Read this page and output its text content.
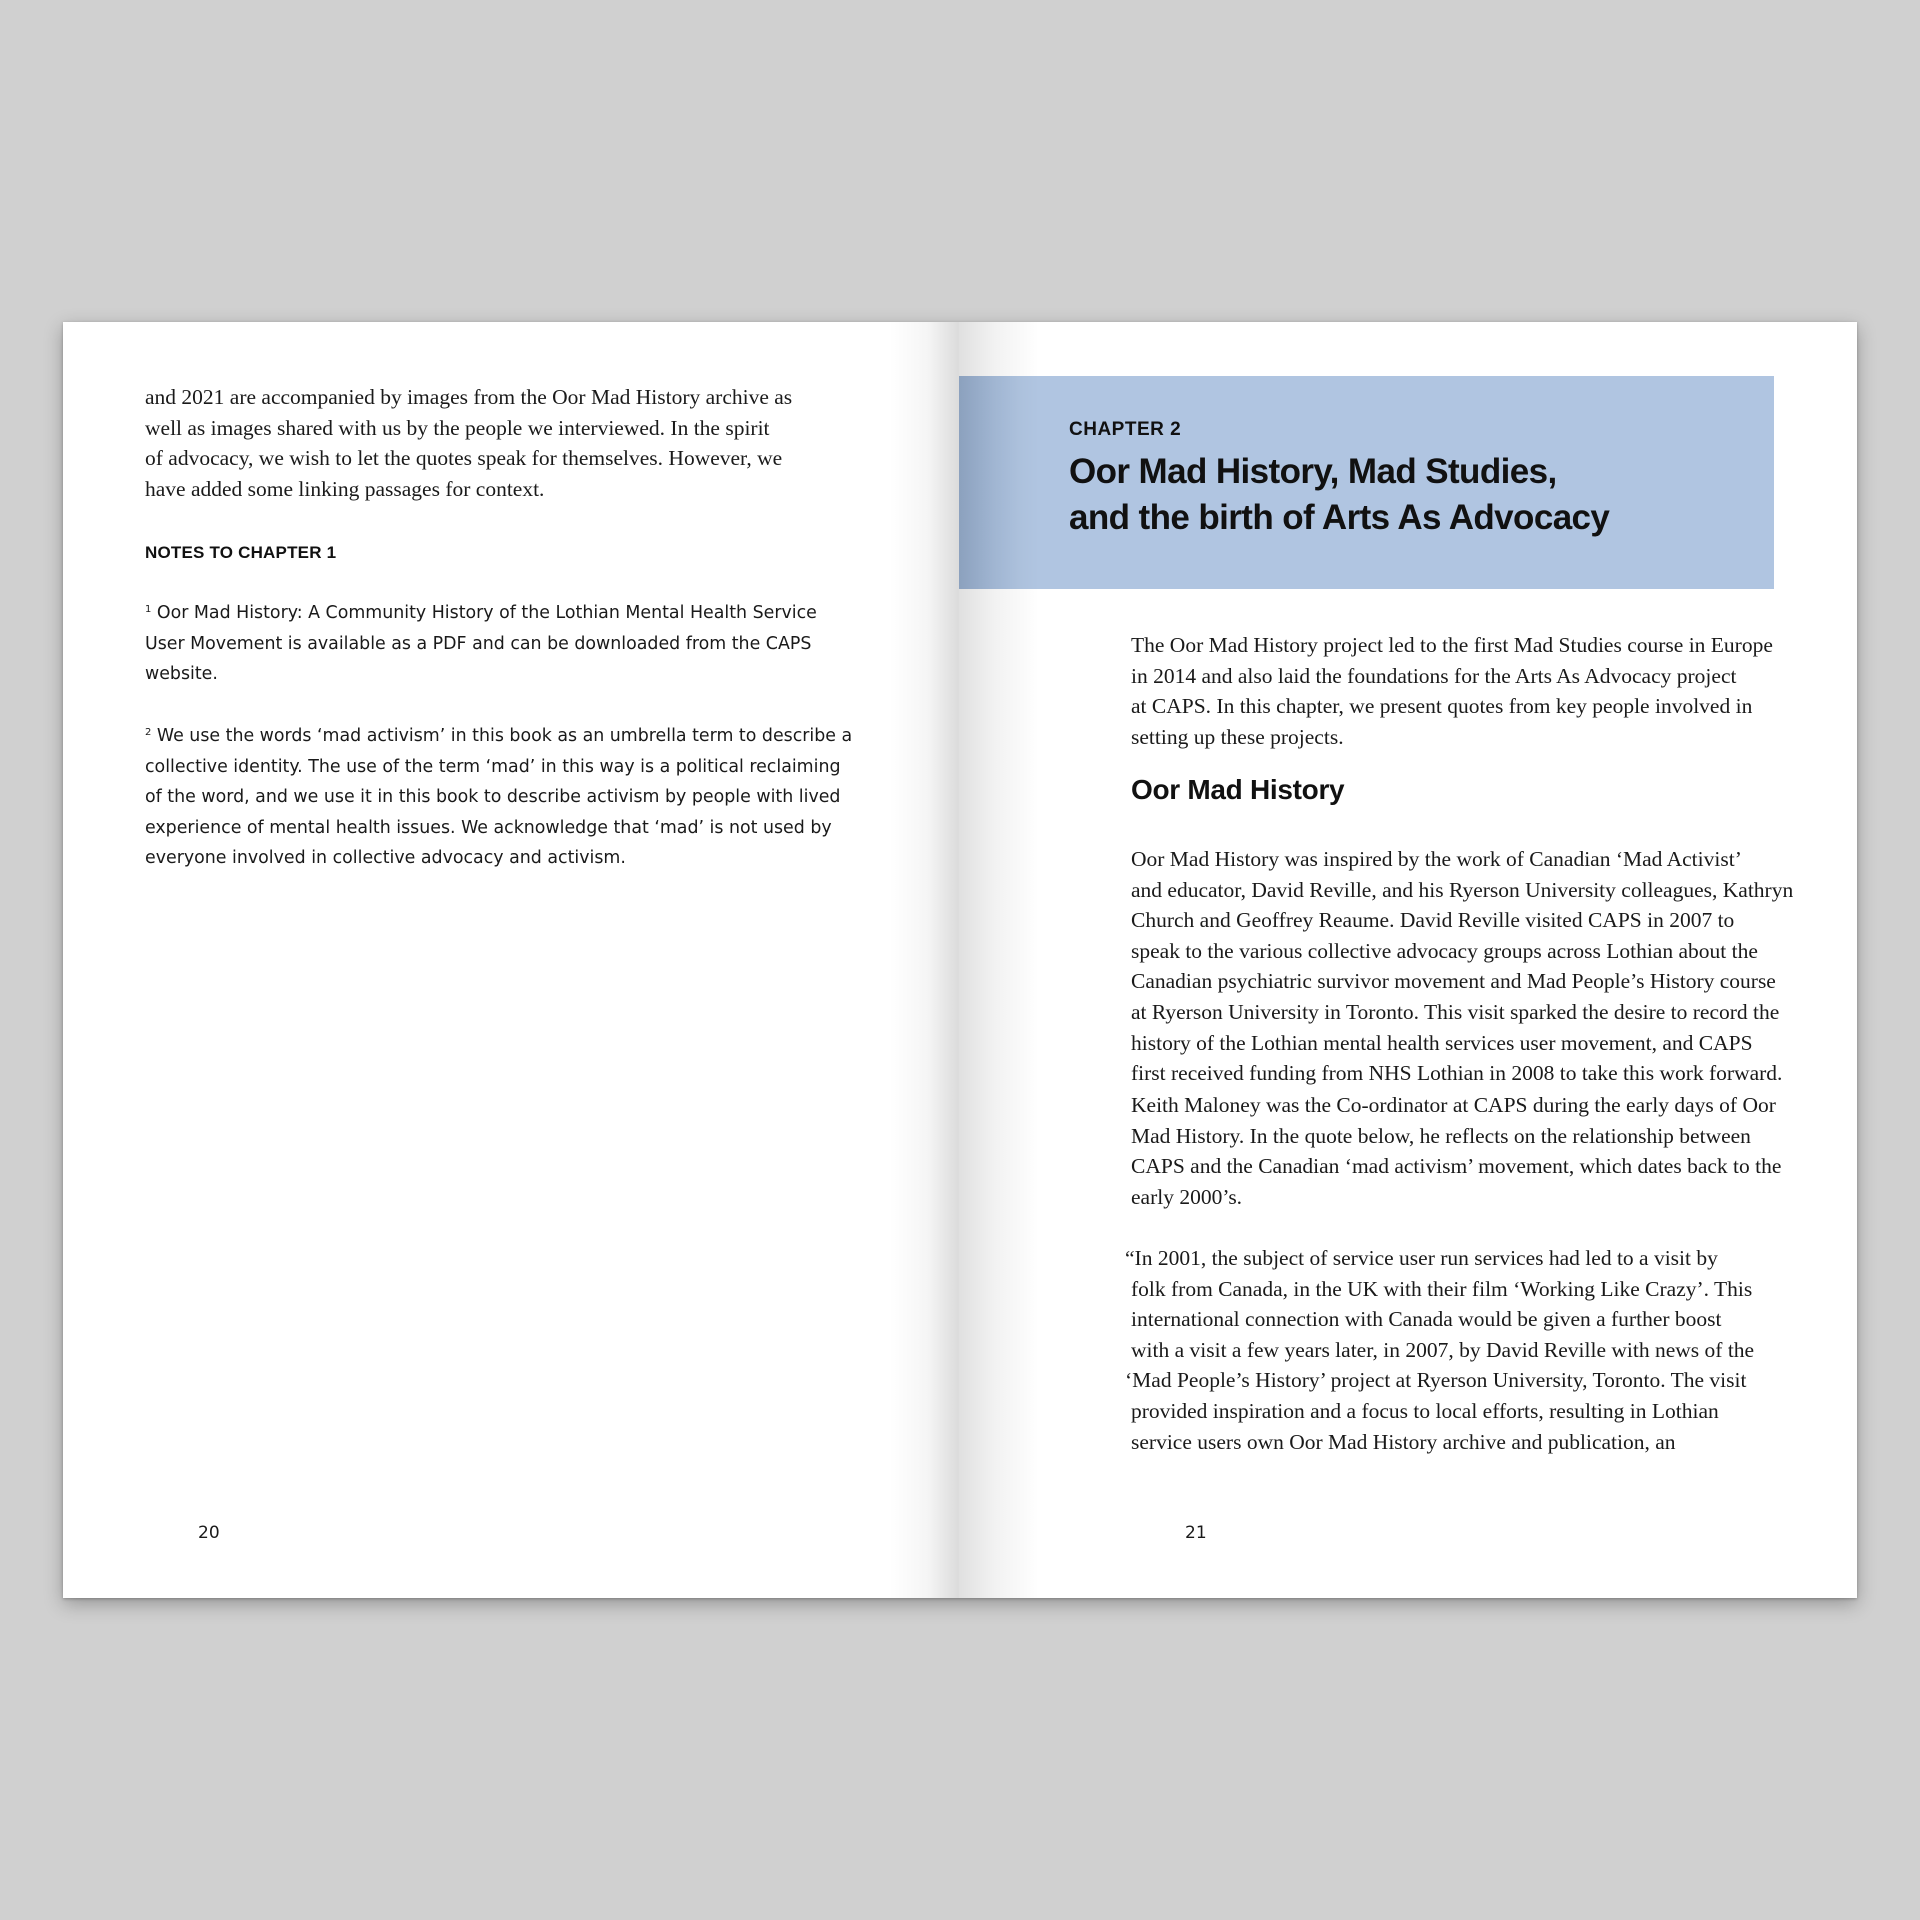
and 2021 are accompanied by images from the Oor Mad History archive as
well as images shared with us by the people we interviewed. In the spirit
of advocacy, we wish to let the quotes speak for themselves. However, we
have added some linking passages for context.

NOTES TO CHAPTER 1

$^1$ Oor Mad History: A Community History of the Lothian Mental Health Service
User Movement is available as a PDF and can be downloaded from the CAPS
website.

$^2$ We use the words ‘mad activism’ in this book as an umbrella term to describe a
collective identity. The use of the term ‘mad’ in this way is a political reclaiming
of the word, and we use it in this book to describe activism by people with lived
experience of mental health issues. We acknowledge that ‘mad’ is not used by
everyone involved in collective advocacy and activism.

20

CHAPTER 2

Oor Mad History, Mad Studies,
and the birth of Arts As Advocacy

The Oor Mad History project led to the first Mad Studies course in Europe
in 2014 and also laid the foundations for the Arts As Advocacy project
at CAPS. In this chapter, we present quotes from key people involved in
setting up these projects.

Oor Mad History

Oor Mad History was inspired by the work of Canadian ‘Mad Activist’
and educator, David Reville, and his Ryerson University colleagues, Kathryn
Church and Geoffrey Reaume. David Reville visited CAPS in 2007 to
speak to the various collective advocacy groups across Lothian about the
Canadian psychiatric survivor movement and Mad People’s History course
at Ryerson University in Toronto. This visit sparked the desire to record the
history of the Lothian mental health services user movement, and CAPS
first received funding from NHS Lothian in 2008 to take this work forward.

Keith Maloney was the Co-ordinator at CAPS during the early days of Oor
Mad History. In the quote below, he reflects on the relationship between
CAPS and the Canadian ‘mad activism’ movement, which dates back to the
early 2000’s.

“In 2001, the subject of service user run services had led to a visit by
folk from Canada, in the UK with their film ‘Working Like Crazy’. This
international connection with Canada would be given a further boost
with a visit a few years later, in 2007, by David Reville with news of the
‘Mad People’s History’ project at Ryerson University, Toronto. The visit
provided inspiration and a focus to local efforts, resulting in Lothian
service users own Oor Mad History archive and publication, an

21
